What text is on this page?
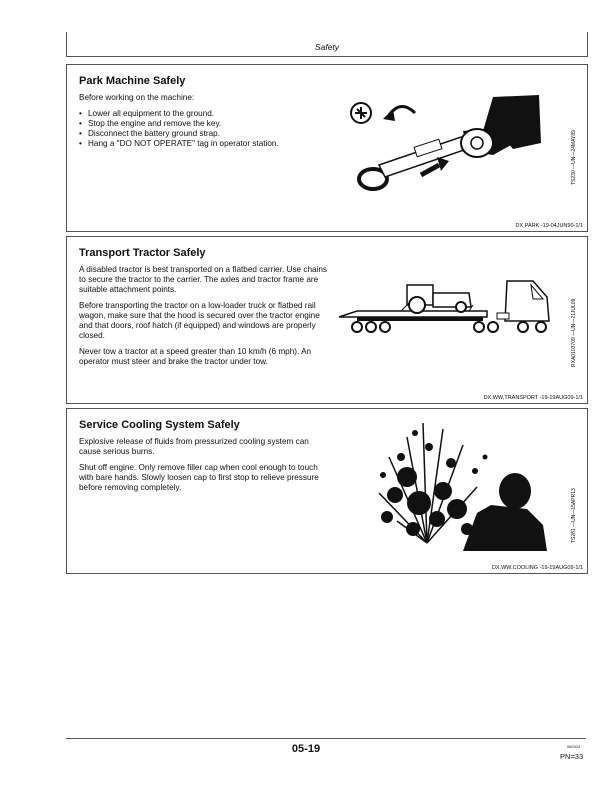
Safety
Park Machine Safely

Before working on the machine:

• Lower all equipment to the ground.
• Stop the engine and remove the key.
• Disconnect the battery ground strap.
• Hang a "DO NOT OPERATE" tag in operator station.	TS230 —UN—24MAY89
DX,PARK -19-04JUN90-1/1
Transport Tractor Safely

A disabled tractor is best transported on a flatbed carrier. Use chains to secure the tractor to the carrier. The axles and tractor frame are suitable attachment points.

Before transporting the tractor on a low-loader truck or flatbed rail wagon, make sure that the hood is secured over the tractor engine and that doors, roof hatch (if equipped) and windows are properly closed.

Never tow a tractor at a speed greater than 10 km/h (6 mph). An operator must steer and brake the tractor under tow.	RXA0103709 —UN—21JUL09
DX,WW,TRANSPORT -19-19AUG09-1/1
Service Cooling System Safely

Explosive release of fluids from pressurized cooling system can cause serious burns.

Shut off engine. Only remove filler cap when cool enough to touch with bare hands. Slowly loosen cap to first stop to relieve pressure before removing completely.

TS281 —UN—15APR13
DX,WW,COOLING -19-19AUG09-1/1
05-19	082413
PN=33
